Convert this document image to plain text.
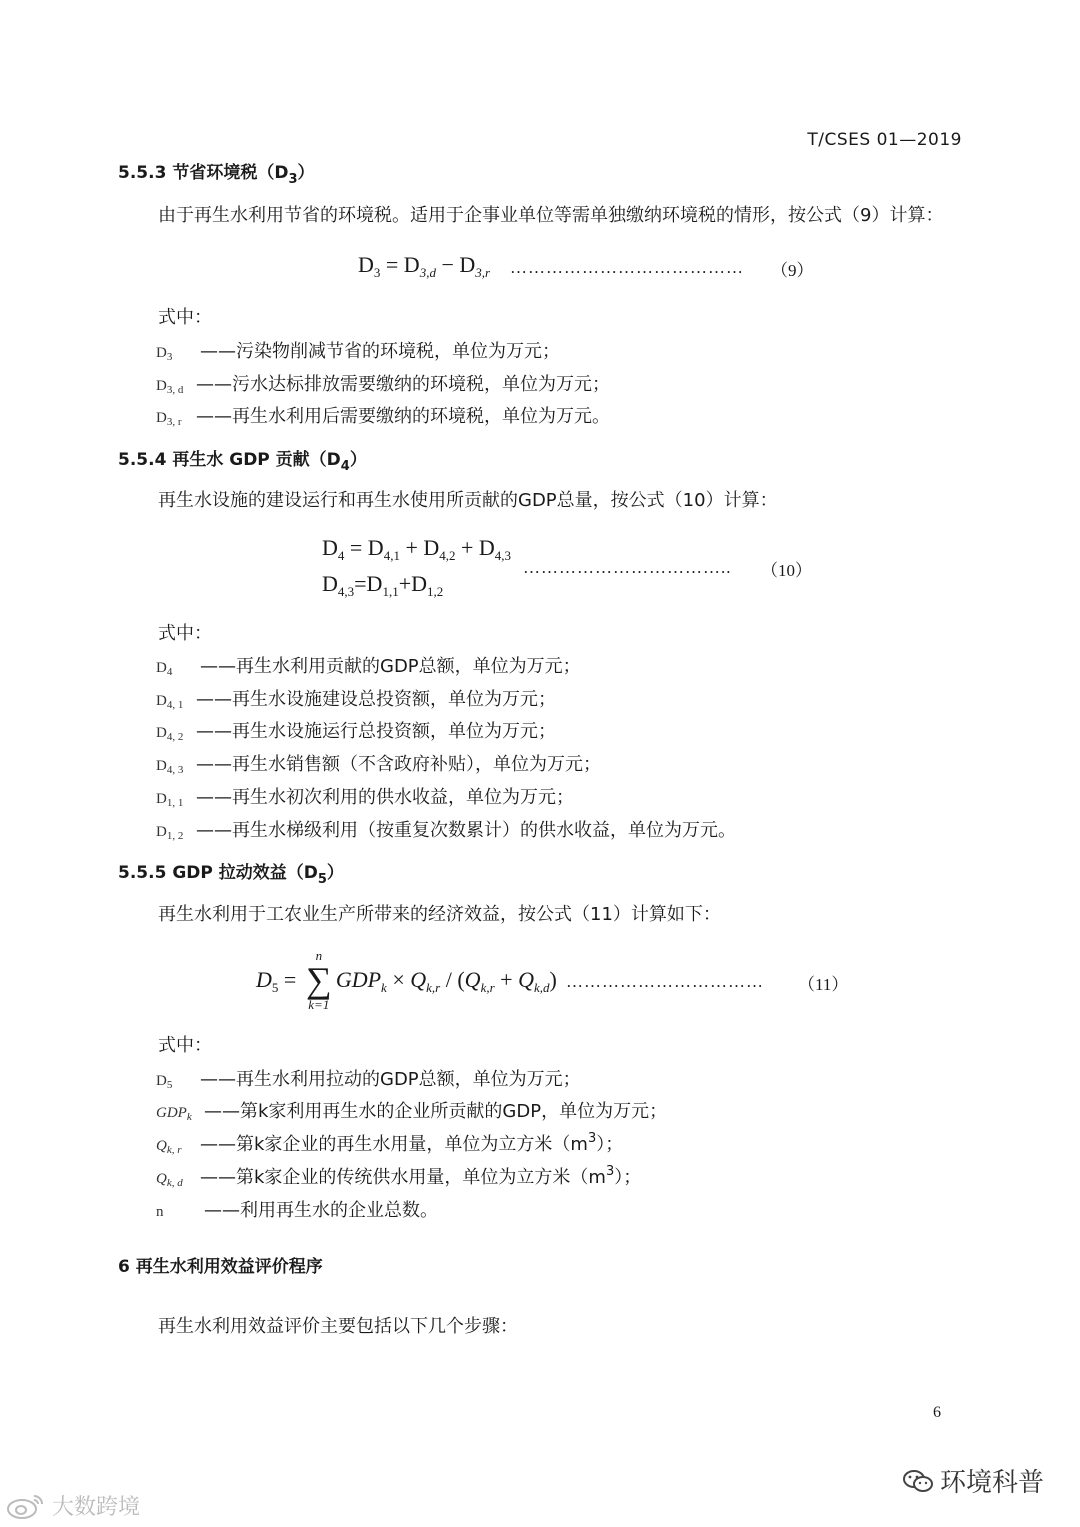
T/CSES 01—2019
5.5.3 节省环境税$(D_3)$
由于再生水利用节省的环境税。适用于企事业单位等需单独缴纳环境税的情形，按公式（9）计算：
$D_3 = D_{3,d} - D_{3,r}$ ………………………………… （9）
式中：
$D_3$ ——污染物削减节省的环境税，单位为万元；
$D_{3, d}$ ——污水达标排放需要缴纳的环境税，单位为万元；
$D_{3, r}$ ——再生水利用后需要缴纳的环境税，单位为万元。
5.5.4 再生水 GDP 贡献$(D_4)$
再生水设施的建设运行和再生水使用所贡献的GDP总量，按公式（10）计算：
$D_4 = D_{4,1} + D_{4,2} + D_{4,3}$
$D_{4,3}=D_{1,1}+D_{1,2}$
…………………………….. （10）
式中：
$D_4$ ——再生水利用贡献的GDP总额，单位为万元；
$D_{4, 1}$ ——再生水设施建设总投资额，单位为万元；
$D_{4, 2}$ ——再生水设施运行总投资额，单位为万元；
$D_{4, 3}$ ——再生水销售额（不含政府补贴），单位为万元；
$D_{1, 1}$ ——再生水初次利用的供水收益，单位为万元；
$D_{1, 2}$ ——再生水梯级利用（按重复次数累计）的供水收益，单位为万元。
5.5.5 GDP 拉动效益$(D_5)$
再生水利用于工农业生产所带来的经济效益，按公式（11）计算如下：
$D_5$ =
n
∑
k=1
$GDP_k \times Q_{k,r} / (Q_{k,r} + Q_{k,d})$ …………………………… （11）
式中：
$D_5$ ——再生水利用拉动的GDP总额，单位为万元；
$GDP_k$ ——第k家利用再生水的企业所贡献的GDP，单位为万元；
$Q_{k, r}$ ——第k家企业的再生水用量，单位为立方米$(m^3)$；
$Q_{k, d}$ ——第k家企业的传统供水用量，单位为立方米$(m^3)$；
n ——利用再生水的企业总数。
6 再生水利用效益评价程序
再生水利用效益评价主要包括以下几个步骤：
6
环境科普
大数跨境
